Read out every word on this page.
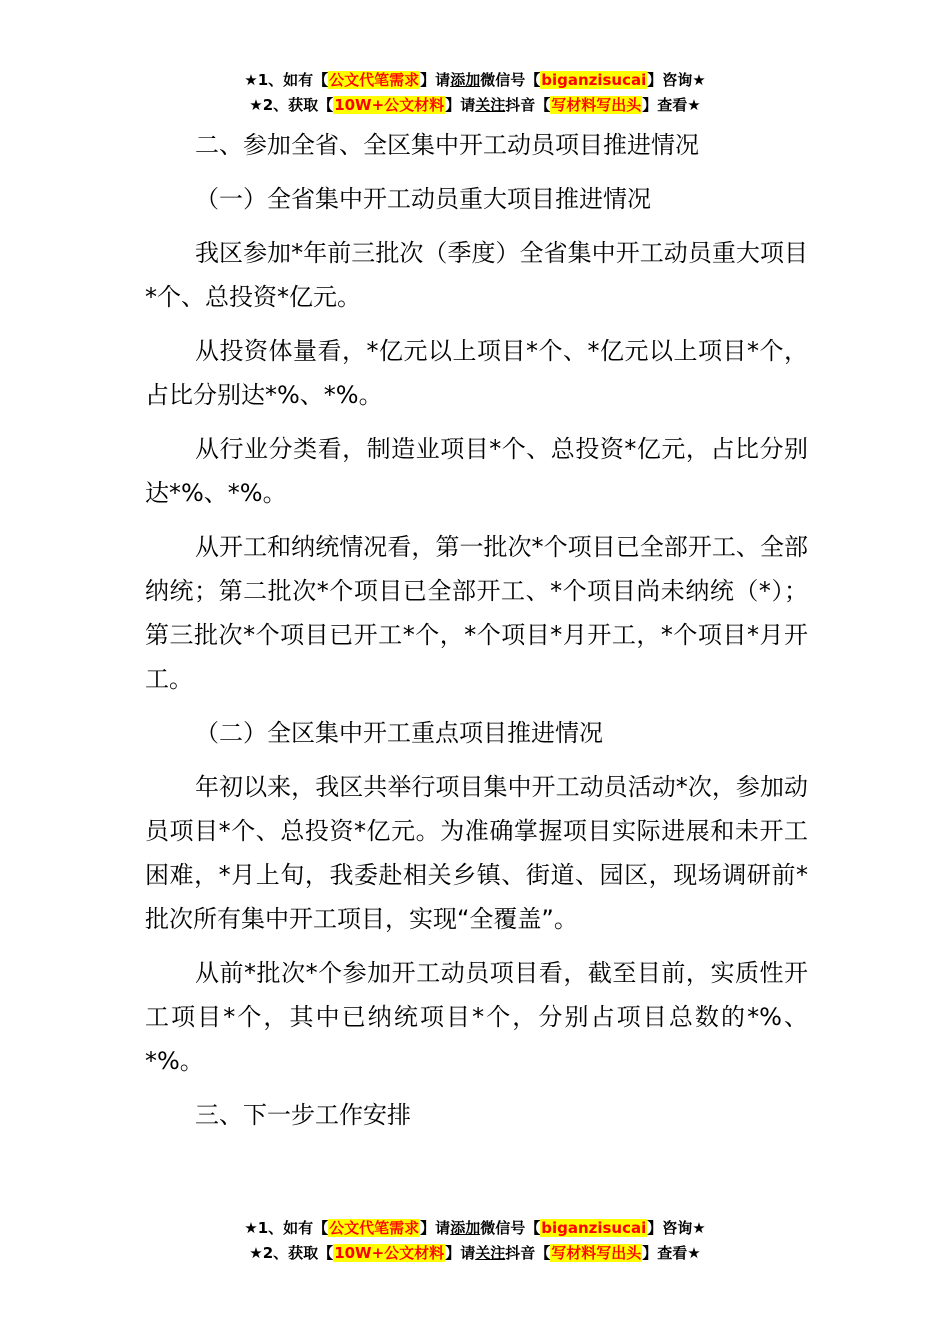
★1、如有【公文代笔需求】请添加微信号【biganzisucai】咨询★
★2、获取【10W+公文材料】请关注抖音【写材料写出头】查看★

二、参加全省、全区集中开工动员项目推进情况

（一）全省集中开工动员重大项目推进情况

我区参加*年前三批次（季度）全省集中开工动员重大项目*个、总投资*亿元。

从投资体量看，*亿元以上项目*个、*亿元以上项目*个，占比分别达*%、*%。

从行业分类看，制造业项目*个、总投资*亿元，占比分别达*%、*%。

从开工和纳统情况看，第一批次*个项目已全部开工、全部纳统；第二批次*个项目已全部开工、*个项目尚未纳统（*）；第三批次*个项目已开工*个，*个项目*月开工，*个项目*月开工。

（二）全区集中开工重点项目推进情况

年初以来，我区共举行项目集中开工动员活动*次，参加动员项目*个、总投资*亿元。为准确掌握项目实际进展和未开工困难，*月上旬，我委赴相关乡镇、街道、园区，现场调研前*批次所有集中开工项目，实现“全覆盖”。

从前*批次*个参加开工动员项目看，截至目前，实质性开工项目*个，其中已纳统项目*个，分别占项目总数的*%、*%。

三、下一步工作安排

★1、如有【公文代笔需求】请添加微信号【biganzisucai】咨询★
★2、获取【10W+公文材料】请关注抖音【写材料写出头】查看★
